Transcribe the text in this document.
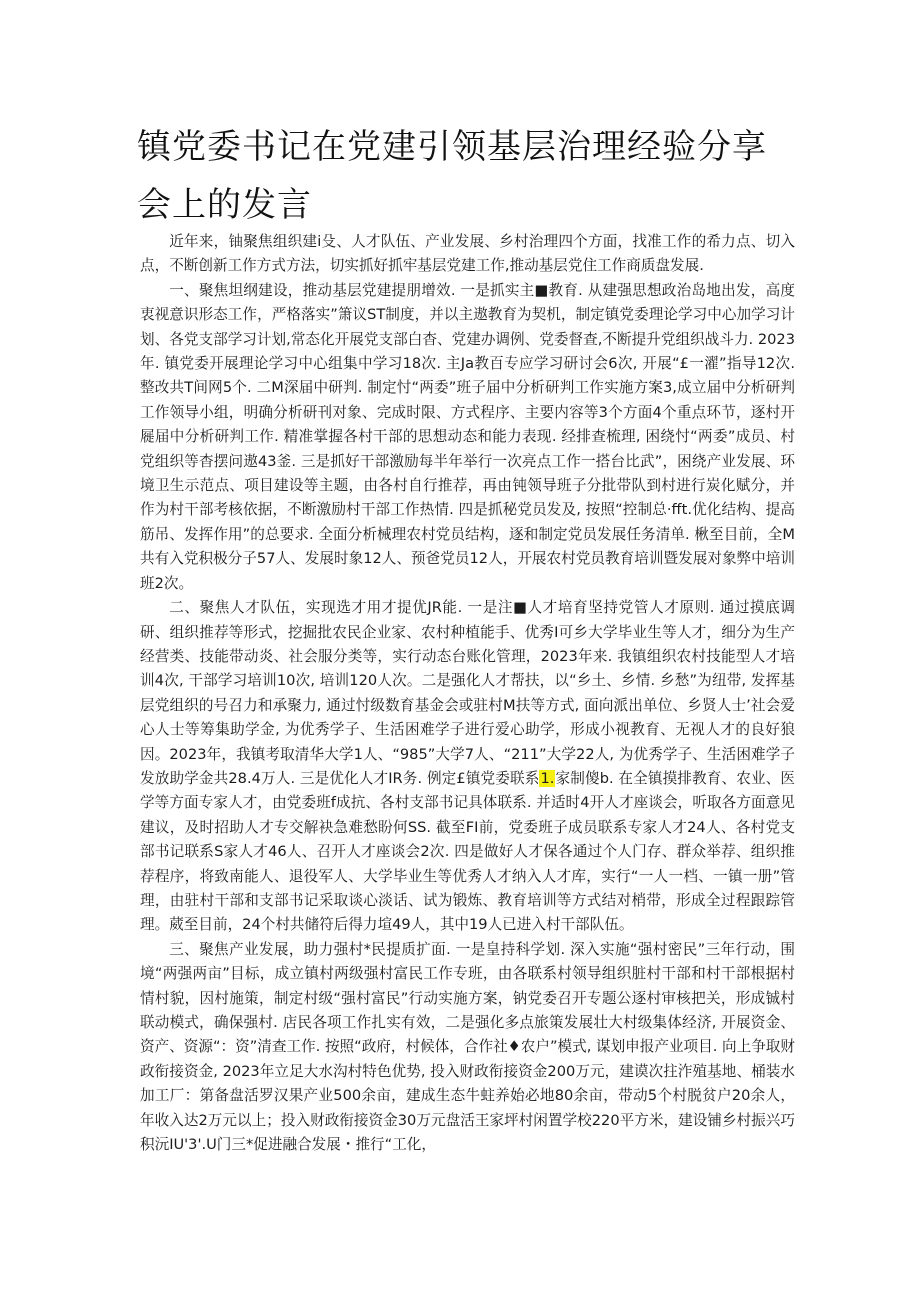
镇党委书记在党建引领基层治理经验分享会上的发言

近年来，铀聚焦组织建i殳、人才队伍、产业发展、乡村治理四个方面，找准工作的希力点、切入点，不断创新工作方式方法，切实抓好抓牢基层党建工作,推动基层党住工作商质盘发展.

一、聚焦坦纲建设，推动基层党建提朋增效. 一是抓实主■教育. 从建强思想政治岛地出发，高度衷视意识形态工作，严格落实”箫议ST制度，并以主遨教育为契机，制定镇党委理论学习中心加学习计划、各党支部学习计划,常态化开展党支部白杳、党建办调例、党委督查,不断提升党组织战斗力. 2023年. 镇党委开展理论学习中心组集中学习18次. 主Ja教百专应学习研讨会6次, 开展“£一濯”指导12次. 整改共T间网5个. 二M深届中研判. 制定忖“两委”班子届中分析研判工作实施方案3,成立届中分析研判工作领导小组，明确分析研刊对象、完成时限、方式程序、主要内容等3个方面4个重点环节，逐村开屣届中分析研判工作. 精准掌握各村干部的思想动态和能力表现. 经排查梳理, 困绕忖“两委”成员、村党组织等杳摆问遨43釜. 三是抓好干部激励每半年举行一次亮点工作一搭台比武”，困绕产业发展、环境卫生示范点、项目建设等主题，由各村自行推荐，再由钝领导班子分批带队到村进行炭化赋分，并作为村干部考核依据，不断激励村干部工作热情. 四是抓秘党员发及, 按照“控制总·fft.优化结构、提高筋吊、发挥作用”的总要求. 全面分析械理农村党员结构，逐和制定党员发展任务清单. 楸至目前，全M共有入党积极分子57人、发展时象12人、预爸党员12人，开展农村党员教育培训暨发展对象弊中培训班2次。

二、聚焦人才队伍，实现选才用才提优JR能. 一是注■人才培育坚持党管人才原则. 通过摸底调研、组织推荐等形式，挖掘批农民企业家、农村种植能手、优秀I可乡大学毕业生等人才，细分为生产经营类、技能带动炎、社会服分类等，实行动态台账化管理，2023年来. 我镇组织农村技能型人才培训4次, 干部学习培训10次, 培训120人次。二是强化人才帮扶，以“乡土、乡情. 乡愁”为纽带, 发挥基层党组织的号召力和承聚力, 通过忖级数育基金会或驻村M扶等方式, 面向派出单位、乡贤人士’社会爱心人士等筹集助学金, 为优秀学子、生活困难学子进行爱心助学，形成小视教育、无视人才的良好狼因。2023年，我镇考取清华大学1人、“985”大学7人、“211”大学22人, 为优秀学子、生活困难学子发放助学金共28.4万人. 三是优化人才IR务. 例定£镇党委联系1.家制傻b. 在全镇摸排教育、农业、医学等方面专家人才，由党委班f成抗、各村支部书记具体联系. 并适时4开人才座谈会，听取各方面意见建议，及时招助人才专交解袂急难愁盼何SS. 截至FI前，党委班子成员联系专家人才24人、各村党支部书记联系S家人才46人、召开人才座谈会2次. 四是做好人才保各通过个人门存、群众举荐、组织推荐程序，将致南能人、退役军人、大学毕业生等优秀人才纳入人才库，实行“一人一档、一镇一册”管理，由驻村干部和支部书记采取谈心淡话、试为锻炼、教育培训等方式结对梢带，形成全过程跟踪管理。葳至目前，24个村共储符后得力塇49人，其中19人已进入村干部队伍。

三、聚焦产业发展，助力强村*民提质扩面. 一是皇持科学划. 深入实施“强村密民”三年行动，围境“两强两亩”目标，成立镇村两级强村富民工作专班，由各联系村领导组织脏村干部和村干部根据村情村貌，因村施策，制定村级“强村富民”行动实施方案，钠党委召开专题公逐村审核把关，形成铖村联动模式，确保强村. 店民各项工作扎实有效，二是强化多点旅策发展壮大村级集体经济, 开展资金、资产、资源“：资”清查工作. 按照“政府，村候体，合作社♦农户”模式, 谋划申报产业项目. 向上争取财政衔接资金, 2023年立足大水沟村特色优势, 投入财政衔接资金200万元，建谟次拄泎殖基地、桶装水加工厂：第备盘活罗汉果产业500余亩，建成生态牛蛀养始必地80余亩，带动5个村脱贫户20余人，年收入达2万元以上；投入财政衔接资金30万元盘活王家坪村闲置学校220平方米，建设铺乡村振兴巧积沅IU'3'.U门三*促进融合发展・推行“工化，
